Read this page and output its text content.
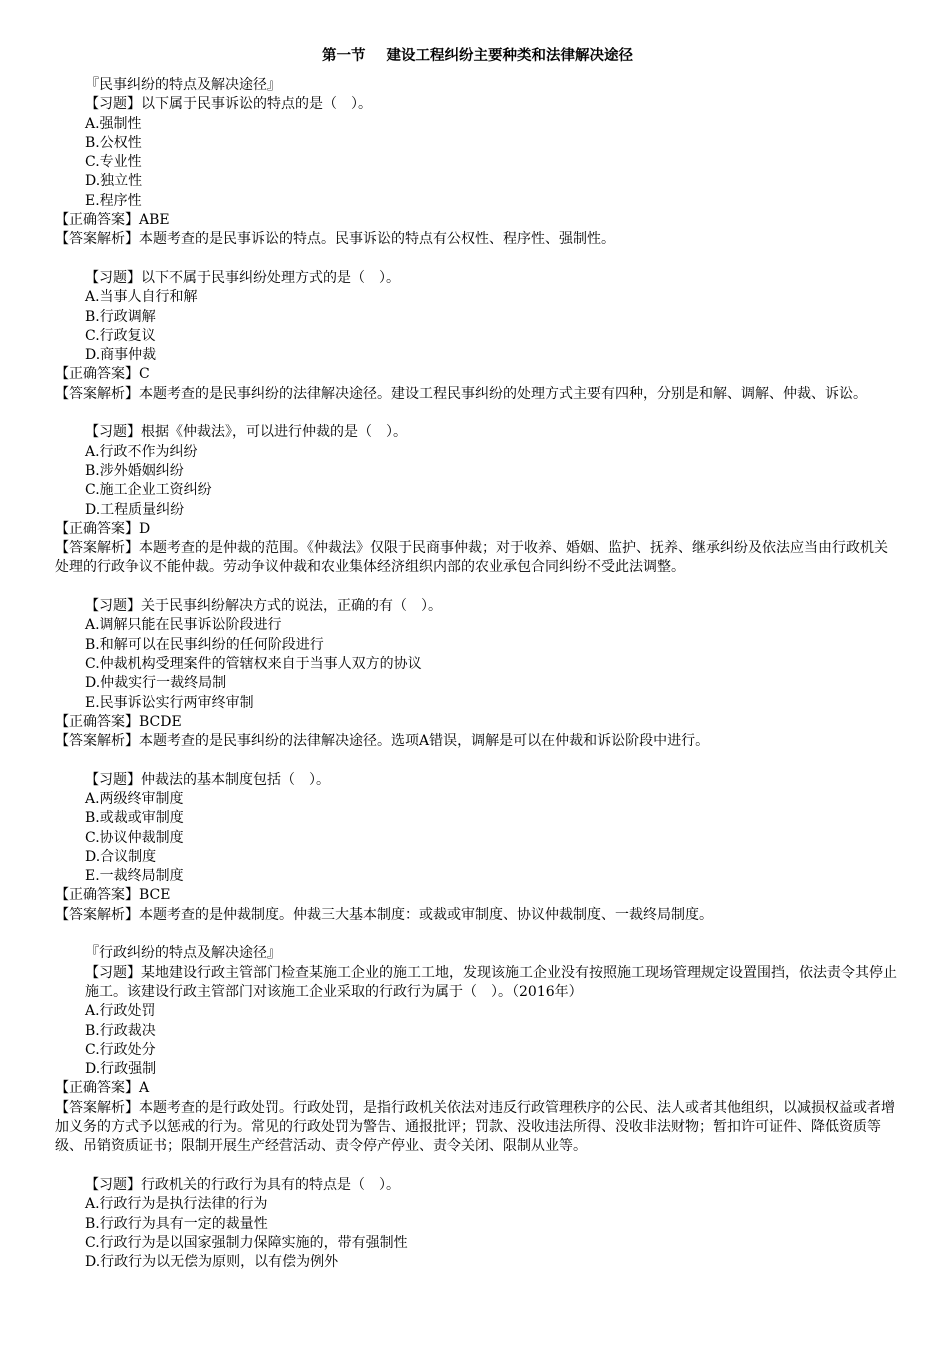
第一节 建设工程纠纷主要种类和法律解决途径
『民事纠纷的特点及解决途径』
【习题】以下属于民事诉讼的特点的是（　）。
A.强制性
B.公权性
C.专业性
D.独立性
E.程序性
【正确答案】ABE
【答案解析】本题考查的是民事诉讼的特点。民事诉讼的特点有公权性、程序性、强制性。
【习题】以下不属于民事纠纷处理方式的是（　）。
A.当事人自行和解
B.行政调解
C.行政复议
D.商事仲裁
【正确答案】C
【答案解析】本题考查的是民事纠纷的法律解决途径。建设工程民事纠纷的处理方式主要有四种，分别是和解、调解、仲裁、诉讼。
【习题】根据《仲裁法》，可以进行仲裁的是（　）。
A.行政不作为纠纷
B.涉外婚姻纠纷
C.施工企业工资纠纷
D.工程质量纠纷
【正确答案】D
【答案解析】本题考查的是仲裁的范围。《仲裁法》仅限于民商事仲裁；对于收养、婚姻、监护、抚养、继承纠纷及依法应当由行政机关处理的行政争议不能仲裁。劳动争议仲裁和农业集体经济组织内部的农业承包合同纠纷不受此法调整。
【习题】关于民事纠纷解决方式的说法，正确的有（　）。
A.调解只能在民事诉讼阶段进行
B.和解可以在民事纠纷的任何阶段进行
C.仲裁机构受理案件的管辖权来自于当事人双方的协议
D.仲裁实行一裁终局制
E.民事诉讼实行两审终审制
【正确答案】BCDE
【答案解析】本题考查的是民事纠纷的法律解决途径。选项A错误，调解是可以在仲裁和诉讼阶段中进行。
【习题】仲裁法的基本制度包括（　）。
A.两级终审制度
B.或裁或审制度
C.协议仲裁制度
D.合议制度
E.一裁终局制度
【正确答案】BCE
【答案解析】本题考查的是仲裁制度。仲裁三大基本制度：或裁或审制度、协议仲裁制度、一裁终局制度。
『行政纠纷的特点及解决途径』
【习题】某地建设行政主管部门检查某施工企业的施工工地，发现该施工企业没有按照施工现场管理规定设置围挡，依法责令其停止施工。该建设行政主管部门对该施工企业采取的行政行为属于（　）。（2016年）
A.行政处罚
B.行政裁决
C.行政处分
D.行政强制
【正确答案】A
【答案解析】本题考查的是行政处罚。行政处罚，是指行政机关依法对违反行政管理秩序的公民、法人或者其他组织，以减损权益或者增加义务的方式予以惩戒的行为。常见的行政处罚为警告、通报批评；罚款、没收违法所得、没收非法财物；暂扣许可证件、降低资质等级、吊销资质证书；限制开展生产经营活动、责令停产停业、责令关闭、限制从业等。
【习题】行政机关的行政行为具有的特点是（　）。
A.行政行为是执行法律的行为
B.行政行为具有一定的裁量性
C.行政行为是以国家强制力保障实施的，带有强制性
D.行政行为以无偿为原则，以有偿为例外
